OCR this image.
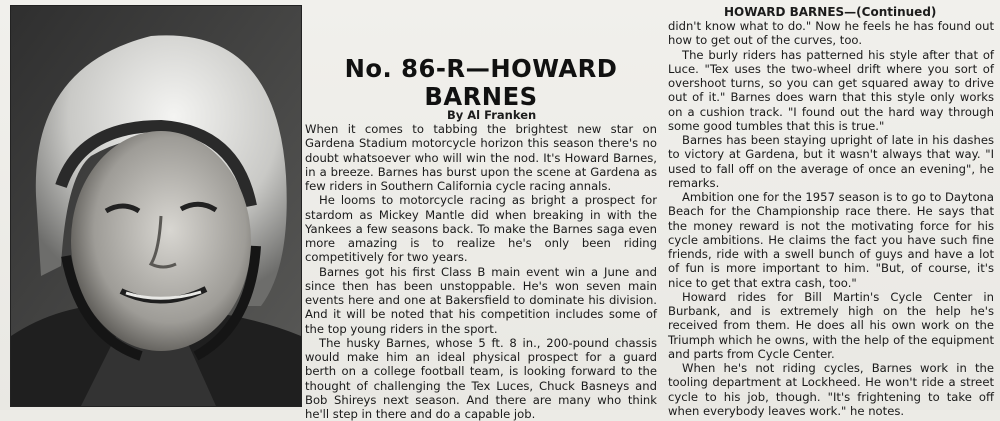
No. 86-R—HOWARD BARNES
By Al Franken

When it comes to tabbing the brightest new star on Gardena Stadium motorcycle horizon this season there's no doubt whatsoever who will win the nod. It's Howard Barnes, in a breeze. Barnes has burst upon the scene at Gardena as few riders in Southern California cycle racing annals.

He looms to motorcycle racing as bright a prospect for stardom as Mickey Mantle did when breaking in with the Yankees a few seasons back. To make the Barnes saga even more amazing is to realize he's only been riding competitively for two years.

Barnes got his first Class B main event win a June and since then has been unstoppable. He's won seven main events here and one at Bakersfield to dominate his division. And it will be noted that his competition includes some of the top young riders in the sport.

The husky Barnes, whose 5 ft. 8 in., 200-pound chassis would make him an ideal physical prospect for a guard berth on a college football team, is looking forward to the thought of challenging the Tex Luces, Chuck Basneys and Bob Shireys next season. And there are many who think he'll step in there and do a capable job.

HOWARD BARNES—(Continued)

didn't know what to do." Now he feels he has found out how to get out of the curves, too.

The burly riders has patterned his style after that of Luce. "Tex uses the two-wheel drift where you sort of overshoot turns, so you can get squared away to drive out of it." Barnes does warn that this style only works on a cushion track. "I found out the hard way through some good tumbles that this is true."

Barnes has been staying upright of late in his dashes to victory at Gardena, but it wasn't always that way. "I used to fall off on the average of once an evening", he remarks.

Ambition one for the 1957 season is to go to Daytona Beach for the Championship race there. He says that the money reward is not the motivating force for his cycle ambitions. He claims the fact you have such fine friends, ride with a swell bunch of guys and have a lot of fun is more important to him. "But, of course, it's nice to get that extra cash, too."

Howard rides for Bill Martin's Cycle Center in Burbank, and is extremely high on the help he's received from them. He does all his own work on the Triumph which he owns, with the help of the equipment and parts from Cycle Center.

When he's not riding cycles, Barnes work in the tooling department at Lockheed. He won't ride a street cycle to his job, though. "It's frightening to take off when everybody leaves work." he notes.
